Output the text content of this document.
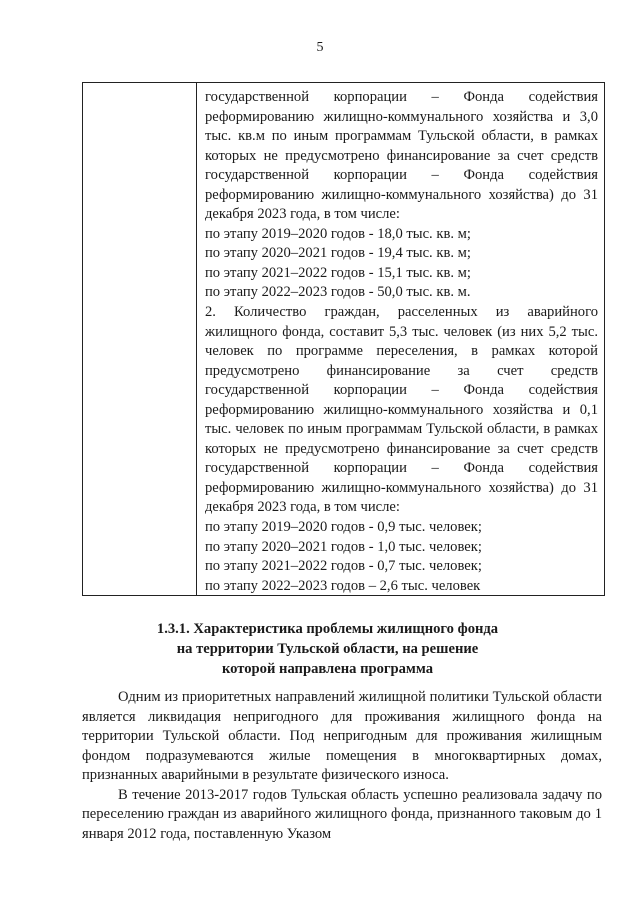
5

государственной корпорации – Фонда содействия реформированию жилищно-коммунального хозяйства и 3,0 тыс. кв.м по иным программам Тульской области, в рамках которых не предусмотрено финансирование за счет средств государственной корпорации – Фонда содействия реформированию жилищно-коммунального хозяйства) до 31 декабря 2023 года, в том числе:

по этапу 2019–2020 годов - 18,0 тыс. кв. м;

по этапу 2020–2021 годов - 19,4 тыс. кв. м;

по этапу 2021–2022 годов - 15,1 тыс. кв. м;

по этапу 2022–2023 годов - 50,0 тыс. кв. м.

2. Количество граждан, расселенных из аварийного жилищного фонда, составит 5,3 тыс. человек (из них 5,2 тыс. человек по программе переселения, в рамках которой предусмотрено финансирование за счет средств государственной корпорации – Фонда содействия реформированию жилищно-коммунального хозяйства и 0,1 тыс. человек по иным программам Тульской области, в рамках которых не предусмотрено финансирование за счет средств государственной корпорации – Фонда содействия реформированию жилищно-коммунального хозяйства) до 31 декабря 2023 года, в том числе:

по этапу 2019–2020 годов - 0,9 тыс. человек;

по этапу 2020–2021 годов - 1,0 тыс. человек;

по этапу 2021–2022 годов - 0,7 тыс. человек;

по этапу 2022–2023 годов – 2,6 тыс. человек

1.3.1. Характеристика проблемы жилищного фонда
на территории Тульской области, на решение
которой направлена программа

Одним из приоритетных направлений жилищной политики Тульской области является ликвидация непригодного для проживания жилищного фонда на территории Тульской области. Под непригодным для проживания жилищным фондом подразумеваются жилые помещения в многоквартирных домах, признанных аварийными в результате физического износа.

В течение 2013-2017 годов Тульская область успешно реализовала задачу по переселению граждан из аварийного жилищного фонда, признанного таковым до 1 января 2012 года, поставленную Указом
